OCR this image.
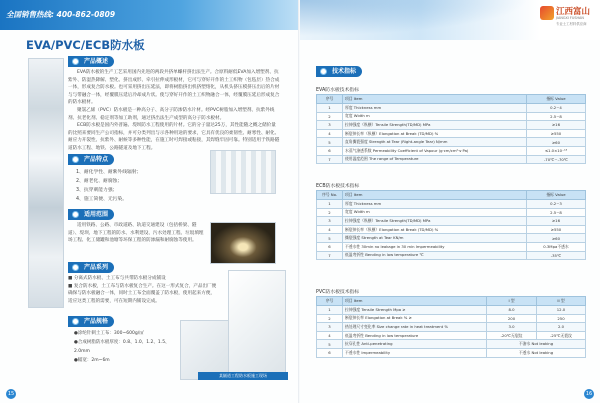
全国销售热线: 400-862-0809
EVA/PVC/ECB防水板
产品概述

EVA防水板的生产工艺采用国内先进的两段共挤单螺杆挤出法生产。合原料耐低EVA加入增塑剂、抗紫外、防湿热降解、塑化、挤出成形、牵引拉伸成形板材，它可与穿好开作的土工织物（包毡层）热合成一体，形成复合防水板。也可采用挤出压延法，即将树脂挤出机挤塑熔化，从机头挤压模挤压出后的片材与与带融合一体，经覆膜压延后冷却成片状。使与穿好开作的土工织物融合一体，经覆膜压延后形成复合的防水板材。

聚氯乙烯（PVC）防水板是一种高分子、高分子防渗防水片材。经PVC树脂加入增塑剂、抗紫外线剂、抗老化剂、稳定剂等加工助剂，通过挤出法生产成型的高分子防水板材。

ECB防水板是国内外普遍、堤坝防水工程使用的片材。它的分子量达25万，其性能随之概之储价量的比照来要同生产公司指标，并可分类列出与示各种用途的要求，它具有优良的柔韧性、耐寒性、耐化、耐应力开裂性、抗紫外、耐候等多种性能，在施工时可焊接或粘接，其焊缝牢固可靠。特别适用于铁路隧道防水工程、地铁、公路隧道及地下工程。

产品特点
1、耐化学性、耐紫外线辐射；
2、耐老化、耐腐蚀；
3、抗穿刺能力强；
4、施工简便、无污染。
适用范围

适用铁路、公路、市政道路、轨道交通建设（包括桥梁、隧道）、堤坝、地下工程的防水、水利建设、污水处理工程、垃圾填埋场工程、化工储罐和池塘等环保工程的防渗漏和耐腐蚀等使用。

产品系列
■ 分离式防水板、土工布与共带防水板分成铺设
■ 复合防水板，土工布与防水板复合生产。在这一形式复合，产品出厂便确保与防水板融合一体，同时土工布全面覆盖了防水板，使用起来方便，适应这类工程的需要，可在短期内铺设完成。
产品规格
●涂纶针刺土工布：300~600g/㎡
●合成树脂防水板厚度：0.8、1.0、1.2、1.5、2.0mm
●幅宽：2m~6m
某隧道工程防水板施工现场
15
江西富山
JIANGXI FUSHAN
专业土工材料供应商
技术指标
EVA防水板技术指标
序号	项目 Item	指标 Value
1	厚度 Thickness mm	0.2~4
2	宽度 Width m	2.5~8
3	拉伸强度（纵横）Tensile Strength(TD/MD) MPa	≥16
4	断裂伸长率（纵横）Elongation at Break (TD/MD) %	≥550
5	直角撕裂强度 Strength at Tear (Right-angle Tear) N/mm	≥60
6	水蒸气渗透系数 Permeability Coefficient of Vapour (g·cm/cm²·s·Pa)	≤1.0×10⁻¹³
7	使用温度范围 The range of Temperature	-70℃~-70℃
ECB防水板技术指标
序号 No.	项目 Item	指标 Value
1	厚度 Thickness mm	0.2~3
2	宽度 Width m	2.5~8
3	拉伸强度（纵横）Tensile Strength(TD/MD) MPa	≥16
4	断裂伸长率（纵横）Elongation at Break (TD/MD) %	≥550
5	撕裂强度 Strength at Tear KN/m	≥60
6	不透水性 30min no leakage in 30 min Impermeability	0.3Mpa不透水
7	低温弯折性 Bending in low temperature ℃	-35℃
PVC防水板技术指标
序号	项目 Item	I 型	II 型
1	拉伸强度 Tensile Strength Mpa ≥	8.0	12.0
2	断裂伸长率 Elongation at Break % ≥	200	250
3	热处理尺寸变化率 Size change rate in heat treatment %	3.0	2.0
4	低温弯折性 Bending in low temperature	-20℃无裂纹	-25℃无裂纹
5	抗穿孔性 Anti-penetrating	不渗水 Not leaking	
6	不透水性 Impermeability	不透水 Not leaking	
16
